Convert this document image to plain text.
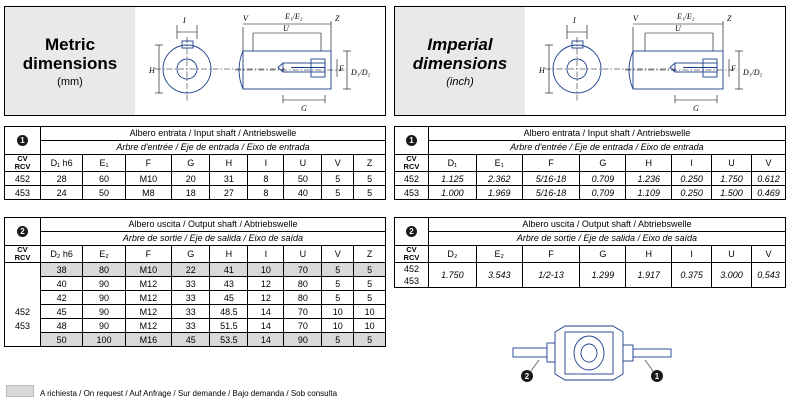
Metric
dimensions
(mm)
I
H
E₁/E₂
V	Z
U
F D₁/D₂
G
Imperial
dimensions
(inch)
I
H
E₁/E₂
V	Z
U
F D₁/D₂
G
1	Albero entrata / Input shaft / Antriebswelle								
	Arbre d'entrée / Eje de entrada / Eixo de entrada								

CV
RCV	D₁ h6	E₁	F	G	H	I	U	V	Z
452	28	60	M10	20	31	8	50	5	5
453	24	50	M8	18	27	8	40	5	5
2	Albero uscita / Output shaft / Abtriebswelle								
	Arbre de sortie / Eje de salida / Eixo de saída								

CV
RCV	D₂ h6	E₂	F	G	H	I	U	V	Z
	38	80	M10	22	41	10	70	5	5
	40	90	M12	33	43	12	80	5	5
	42	90	M12	33	45	12	80	5	5
452	45	90	M12	33	48.5	14	70	10	10
453	48	90	M12	33	51.5	14	70	10	10
	50	100	M16	45	53.5	14	90	5	5
1	Albero entrata / Input shaft / Antriebswelle							
	Arbre d'entrée / Eje de entrada / Eixo de entrada							

CV
RCV	D₁	E₁	F	G	H	I	U	V
452	1.125	2.362	5/16-18	0.709	1.236	0.250	1.750	0.612
453	1.000	1.969	5/16-18	0.709	1.109	0.250	1.500	0.469
2	Albero uscita / Output shaft / Abtriebswelle							
	Arbre de sortie / Eje de salida / Eixo de saída							

CV
RCV	D₂	E₂	F	G	H	I	U	V
452	1.750	3.543	1/2-13	1.299	1.917	0.375	3.000	0.543
453								
2	1
A richiesta / On request / Auf Anfrage / Sur demande / Bajo demanda / Sob consulta
